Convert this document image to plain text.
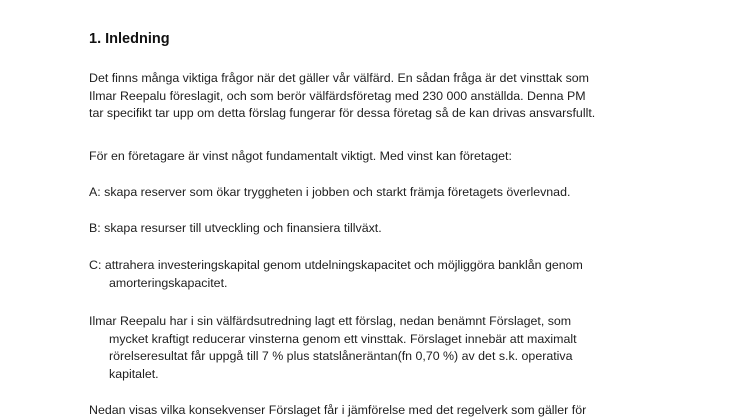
1. Inledning
Det finns många viktiga frågor när det gäller vår välfärd. En sådan fråga är det vinsttak som
Ilmar Reepalu föreslagit, och som berör välfärdsföretag med 230 000 anställda. Denna PM
tar specifikt tar upp om detta förslag fungerar för dessa företag så de kan drivas ansvarsfullt.
För en företagare är vinst något fundamentalt viktigt. Med vinst kan företaget:
A: skapa reserver som ökar tryggheten i jobben och starkt främja företagets överlevnad.
B: skapa resurser till utveckling och finansiera tillväxt.
C: attrahera investeringskapital genom utdelningskapacitet och möjliggöra banklån genom
amorteringskapacitet.
Ilmar Reepalu har i sin välfärdsutredning lagt ett förslag, nedan benämnt Förslaget, som
mycket kraftigt reducerar vinsterna genom ett vinsttak. Förslaget innebär att maximalt
rörelseresultat får uppgå till 7 % plus statslåneräntan(fn 0,70 %) av det s.k. operativa
kapitalet.
Nedan visas vilka konsekvenser Förslaget får i jämförelse med det regelverk som gäller för
